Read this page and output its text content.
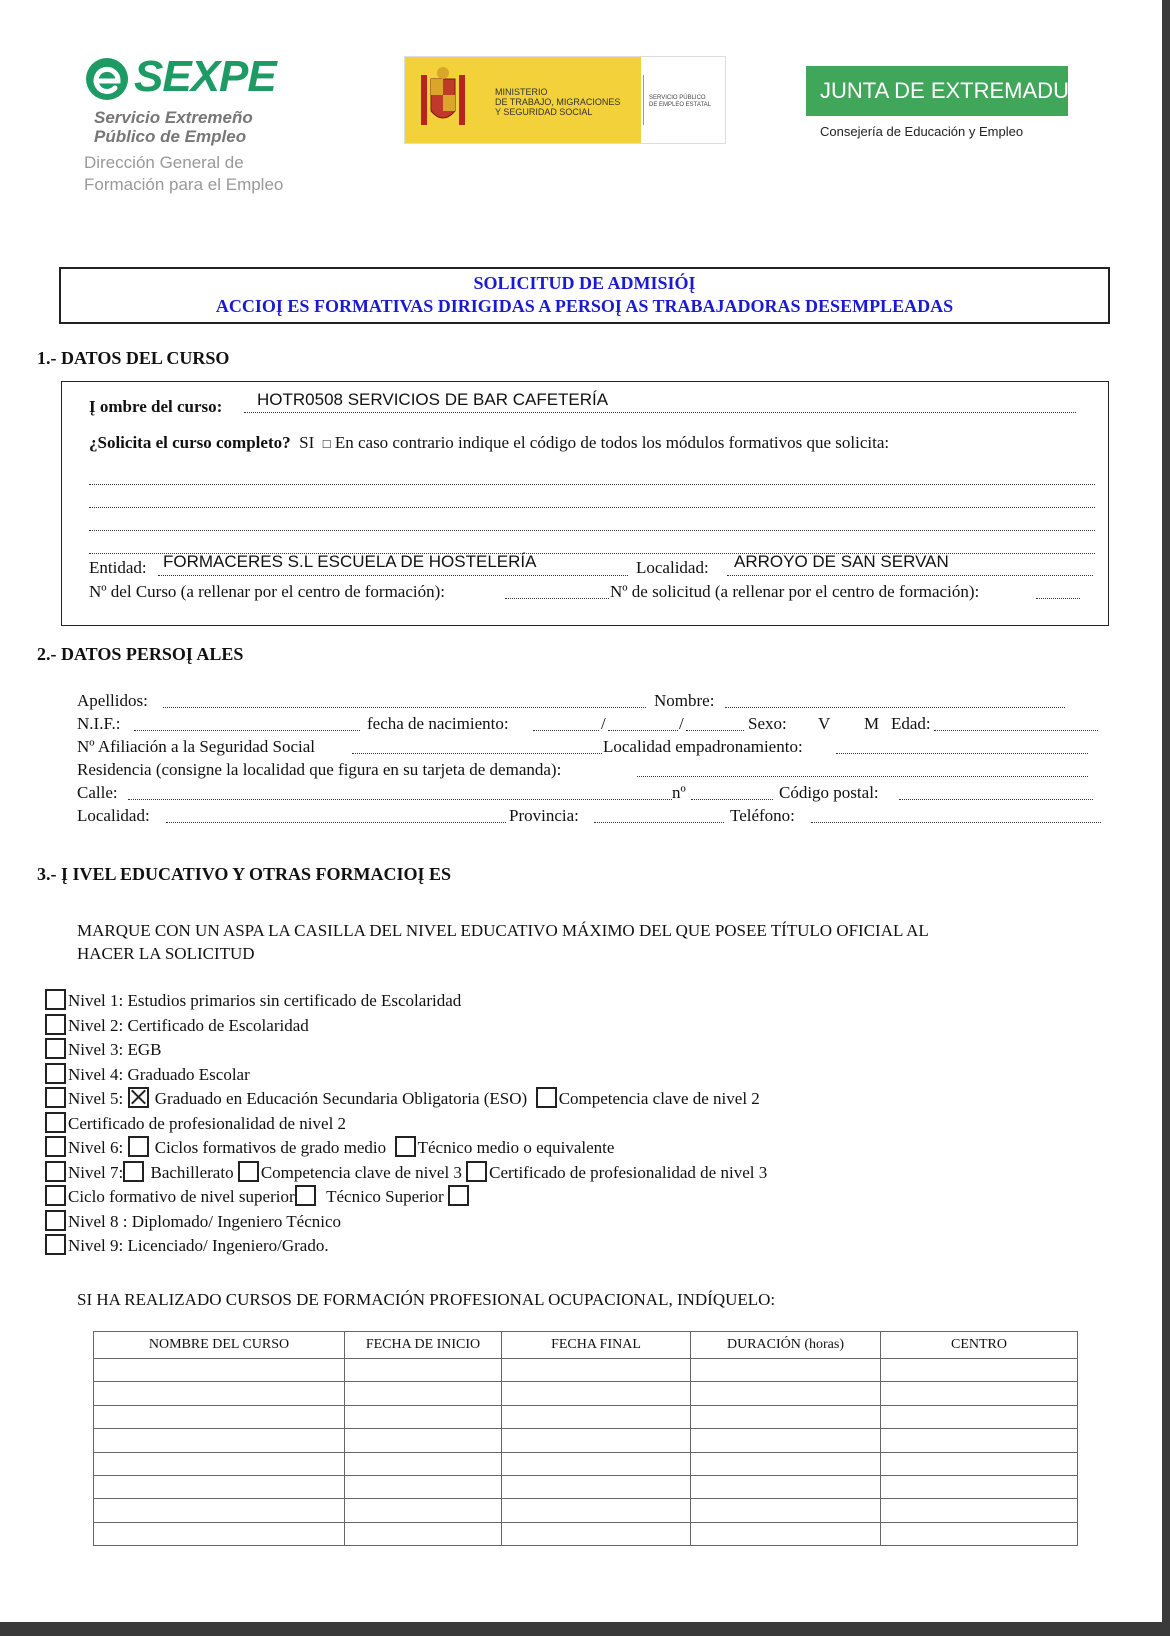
SEXPE
Servicio Extremeño
Público de Empleo
Dirección General de
Formación para el Empleo
MINISTERIO
DE TRABAJO, MIGRACIONES
Y SEGURIDAD SOCIAL
SERVICIO PÚBLICO
DE EMPLEO ESTATAL
JUNTA DE EXTREMADURA
Consejería de Educación y Empleo
SOLICITUD DE ADMISIÓĮ
ACCIOĮ ES FORMATIVAS DIRIGIDAS A PERSOĮ AS TRABAJADORAS DESEMPLEADAS
1.- DATOS DEL CURSO
Į ombre del curso: HOTR0508 SERVICIOS DE BAR CAFETERÍA
¿Solicita el curso completo? SI □ En caso contrario indique el código de todos los módulos formativos que solicita:
Entidad: FORMACERES S.L ESCUELA DE HOSTELERÍA	Localidad: ARROYO DE SAN SERVAN
Nº del Curso (a rellenar por el centro de formación):	Nº de solicitud (a rellenar por el centro de formación):
2.- DATOS PERSOĮ ALES
Apellidos:	Nombre:
N.I.F.:	fecha de nacimiento:	/	/	Sexo: V M Edad:
Nº Afiliación a la Seguridad Social	Localidad empadronamiento:
Residencia (consigne la localidad que figura en su tarjeta de demanda):
Calle:	nº	Código postal:
Localidad:	Provincia:	Teléfono:
3.- Į IVEL EDUCATIVO Y OTRAS FORMACIOĮ ES
MARQUE CON UN ASPA LA CASILLA DEL NIVEL EDUCATIVO MÁXIMO DEL QUE POSEE TÍTULO OFICIAL AL
HACER LA SOLICITUD
Nivel 1: Estudios primarios sin certificado de Escolaridad
Nivel 2: Certificado de Escolaridad
Nivel 3: EGB
Nivel 4: Graduado Escolar
Nivel 5: Graduado en Educación Secundaria Obligatoria (ESO) Competencia clave de nivel 2
Certificado de profesionalidad de nivel 2
Nivel 6: Ciclos formativos de grado medio Técnico medio o equivalente
Nivel 7: Bachillerato Competencia clave de nivel 3 Certificado de profesionalidad de nivel 3
Ciclo formativo de nivel superior Técnico Superior
Nivel 8 : Diplomado/ Ingeniero Técnico
Nivel 9: Licenciado/ Ingeniero/Grado.
SI HA REALIZADO CURSOS DE FORMACIÓN PROFESIONAL OCUPACIONAL, INDÍQUELO:
NOMBRE DEL CURSO	FECHA DE INICIO	FECHA FINAL	DURACIÓN (horas)	CENTRO
